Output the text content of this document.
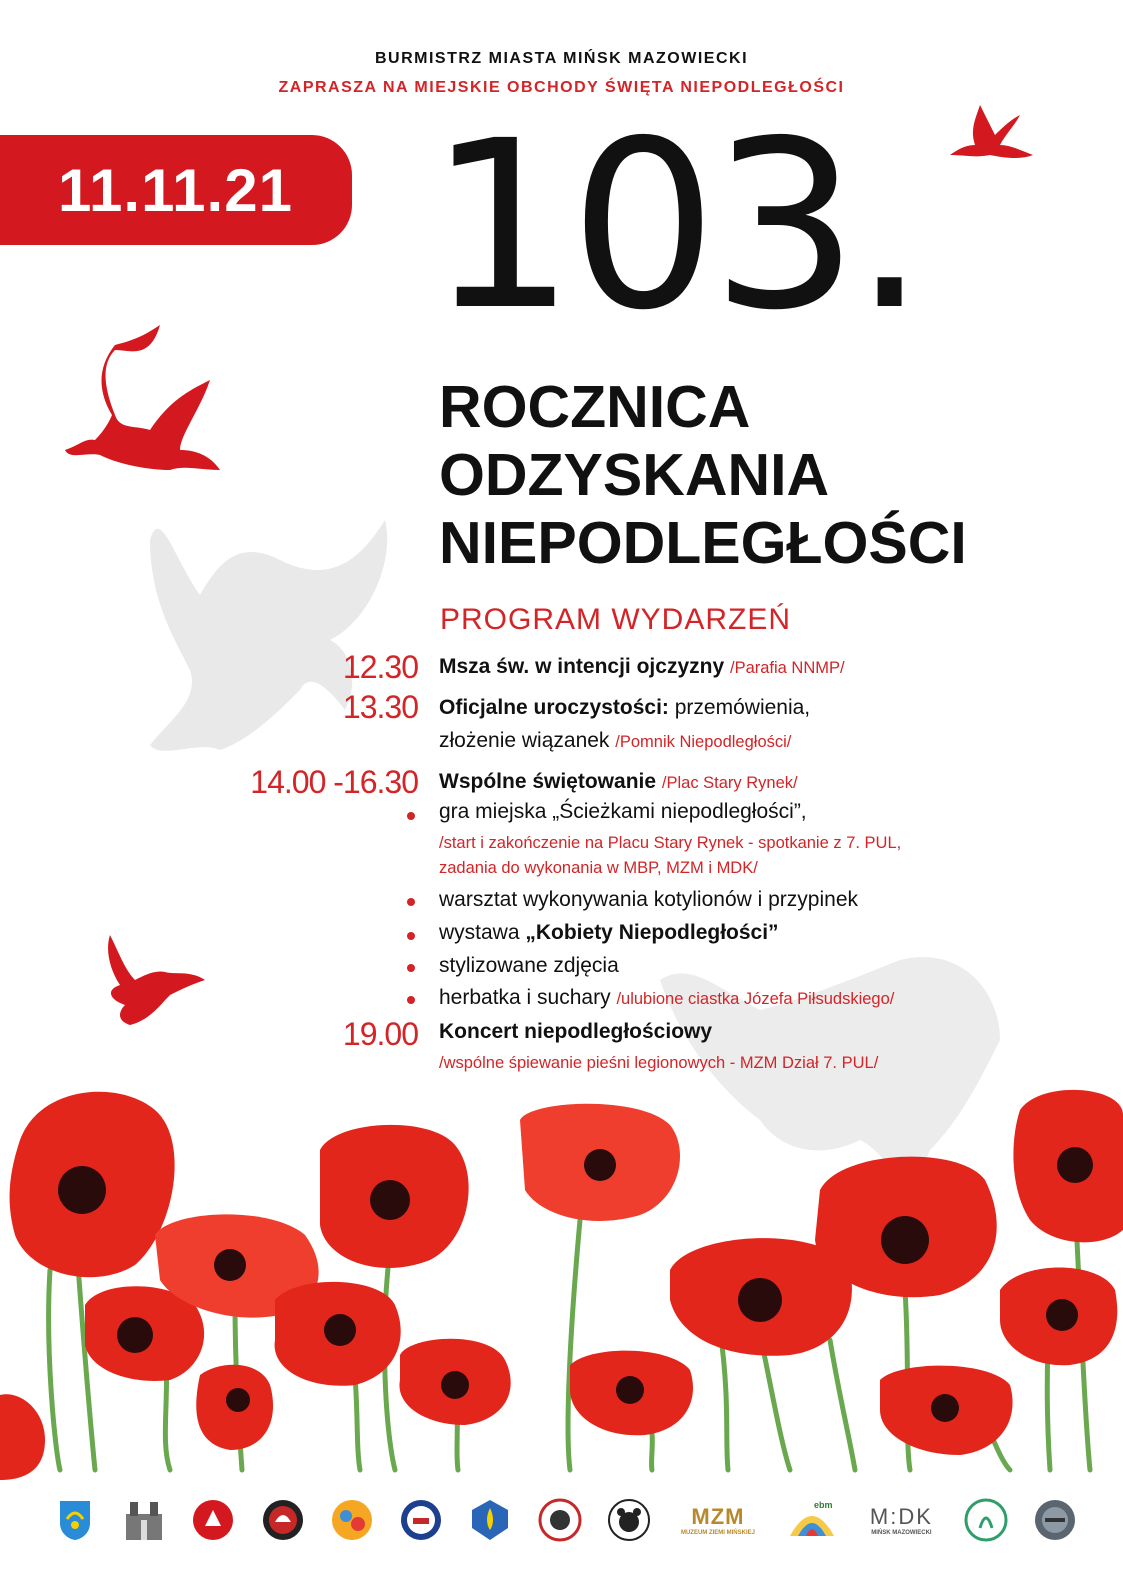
BURMISTRZ MIASTA MIŃSK MAZOWIECKI
ZAPRASZA NA MIEJSKIE OBCHODY ŚWIĘTA NIEPODLEGŁOŚCI
11.11.21 103.
ROCZNICA
ODZYSKANIA
NIEPODLEGŁOŚCI
PROGRAM WYDARZEŃ
12.30 Msza św. w intencji ojczyzny /Parafia NNMP/
13.30 Oficjalne uroczystości: przemówienia,
złożenie wiązanek /Pomnik Niepodległości/
14.00 -16.30 Wspólne świętowanie /Plac Stary Rynek/
gra miejska „Ścieżkami niepodległości”,
/start i zakończenie na Placu Stary Rynek - spotkanie z 7. PUL,
zadania do wykonania w MBP, MZM i MDK/
warsztat wykonywania kotylionów i przypinek
wystawa „Kobiety Niepodległości”
stylizowane zdjęcia
herbatka i suchary /ulubione ciastka Józefa Piłsudskiego/
19.00 Koncert niepodległościowy
/wspólne śpiewanie pieśni legionowych - MZM Dział 7. PUL/
MZM
MUZEUM ZIEMI MIŃSKIEJ
ebm M:DK
MIŃSK MAZOWIECKI
